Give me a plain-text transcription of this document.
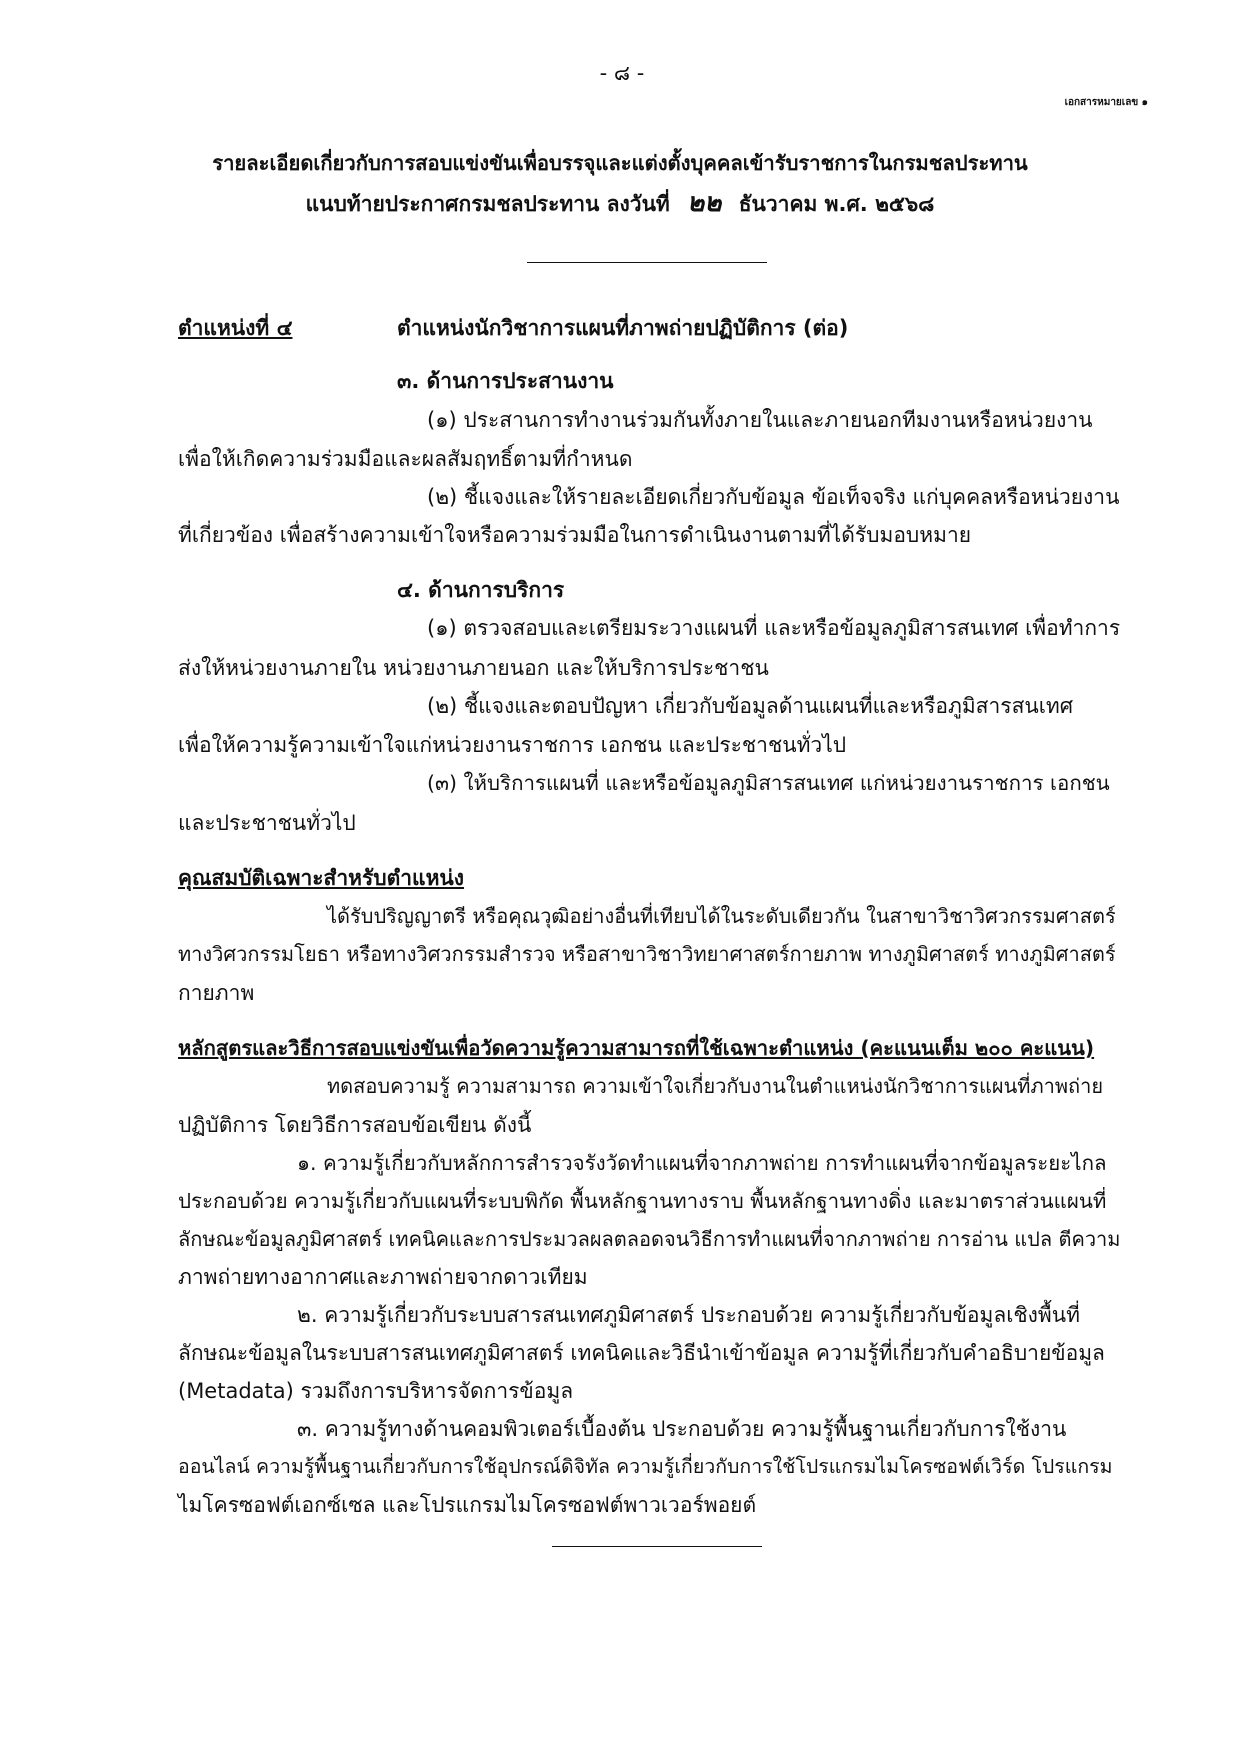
- ๘ -
เอกสารหมายเลข ๑
รายละเอียดเกี่ยวกับการสอบแข่งขันเพื่อบรรจุและแต่งตั้งบุคคลเข้ารับราชการในกรมชลประทาน
แนบท้ายประกาศกรมชลประทาน ลงวันที่ ๒๒ ธันวาคม พ.ศ. ๒๕๖๘
ตำแหน่งที่ ๔	ตำแหน่งนักวิชาการแผนที่ภาพถ่ายปฏิบัติการ (ต่อ)
๓. ด้านการประสานงาน
(๑) ประสานการทำงานร่วมกันทั้งภายในและภายนอกทีมงานหรือหน่วยงาน
เพื่อให้เกิดความร่วมมือและผลสัมฤทธิ์ตามที่กำหนด
(๒) ชี้แจงและให้รายละเอียดเกี่ยวกับข้อมูล ข้อเท็จจริง แก่บุคคลหรือหน่วยงาน
ที่เกี่ยวข้อง เพื่อสร้างความเข้าใจหรือความร่วมมือในการดำเนินงานตามที่ได้รับมอบหมาย
๔. ด้านการบริการ
(๑) ตรวจสอบและเตรียมระวางแผนที่ และหรือข้อมูลภูมิสารสนเทศ เพื่อทำการ
ส่งให้หน่วยงานภายใน หน่วยงานภายนอก และให้บริการประชาชน
(๒) ชี้แจงและตอบปัญหา เกี่ยวกับข้อมูลด้านแผนที่และหรือภูมิสารสนเทศ
เพื่อให้ความรู้ความเข้าใจแก่หน่วยงานราชการ เอกชน และประชาชนทั่วไป
(๓) ให้บริการแผนที่ และหรือข้อมูลภูมิสารสนเทศ แก่หน่วยงานราชการ เอกชน
และประชาชนทั่วไป
คุณสมบัติเฉพาะสำหรับตำแหน่ง
ได้รับปริญญาตรี หรือคุณวุฒิอย่างอื่นที่เทียบได้ในระดับเดียวกัน ในสาขาวิชาวิศวกรรมศาสตร์
ทางวิศวกรรมโยธา หรือทางวิศวกรรมสำรวจ หรือสาขาวิชาวิทยาศาสตร์กายภาพ ทางภูมิศาสตร์ ทางภูมิศาสตร์
กายภาพ
หลักสูตรและวิธีการสอบแข่งขันเพื่อวัดความรู้ความสามารถที่ใช้เฉพาะตำแหน่ง (คะแนนเต็ม ๒๐๐ คะแนน)
ทดสอบความรู้ ความสามารถ ความเข้าใจเกี่ยวกับงานในตำแหน่งนักวิชาการแผนที่ภาพถ่าย
ปฏิบัติการ โดยวิธีการสอบข้อเขียน ดังนี้
๑. ความรู้เกี่ยวกับหลักการสำรวจรังวัดทำแผนที่จากภาพถ่าย การทำแผนที่จากข้อมูลระยะไกล
ประกอบด้วย ความรู้เกี่ยวกับแผนที่ระบบพิกัด พื้นหลักฐานทางราบ พื้นหลักฐานทางดิ่ง และมาตราส่วนแผนที่
ลักษณะข้อมูลภูมิศาสตร์ เทคนิคและการประมวลผลตลอดจนวิธีการทำแผนที่จากภาพถ่าย การอ่าน แปล ตีความ
ภาพถ่ายทางอากาศและภาพถ่ายจากดาวเทียม
๒. ความรู้เกี่ยวกับระบบสารสนเทศภูมิศาสตร์ ประกอบด้วย ความรู้เกี่ยวกับข้อมูลเชิงพื้นที่
ลักษณะข้อมูลในระบบสารสนเทศภูมิศาสตร์ เทคนิคและวิธีนำเข้าข้อมูล ความรู้ที่เกี่ยวกับคำอธิบายข้อมูล
(Metadata) รวมถึงการบริหารจัดการข้อมูล
๓. ความรู้ทางด้านคอมพิวเตอร์เบื้องต้น ประกอบด้วย ความรู้พื้นฐานเกี่ยวกับการใช้งาน
ออนไลน์ ความรู้พื้นฐานเกี่ยวกับการใช้อุปกรณ์ดิจิทัล ความรู้เกี่ยวกับการใช้โปรแกรมไมโครซอฟต์เวิร์ด โปรแกรม
ไมโครซอฟต์เอกซ์เซล และโปรแกรมไมโครซอฟต์พาวเวอร์พอยต์
